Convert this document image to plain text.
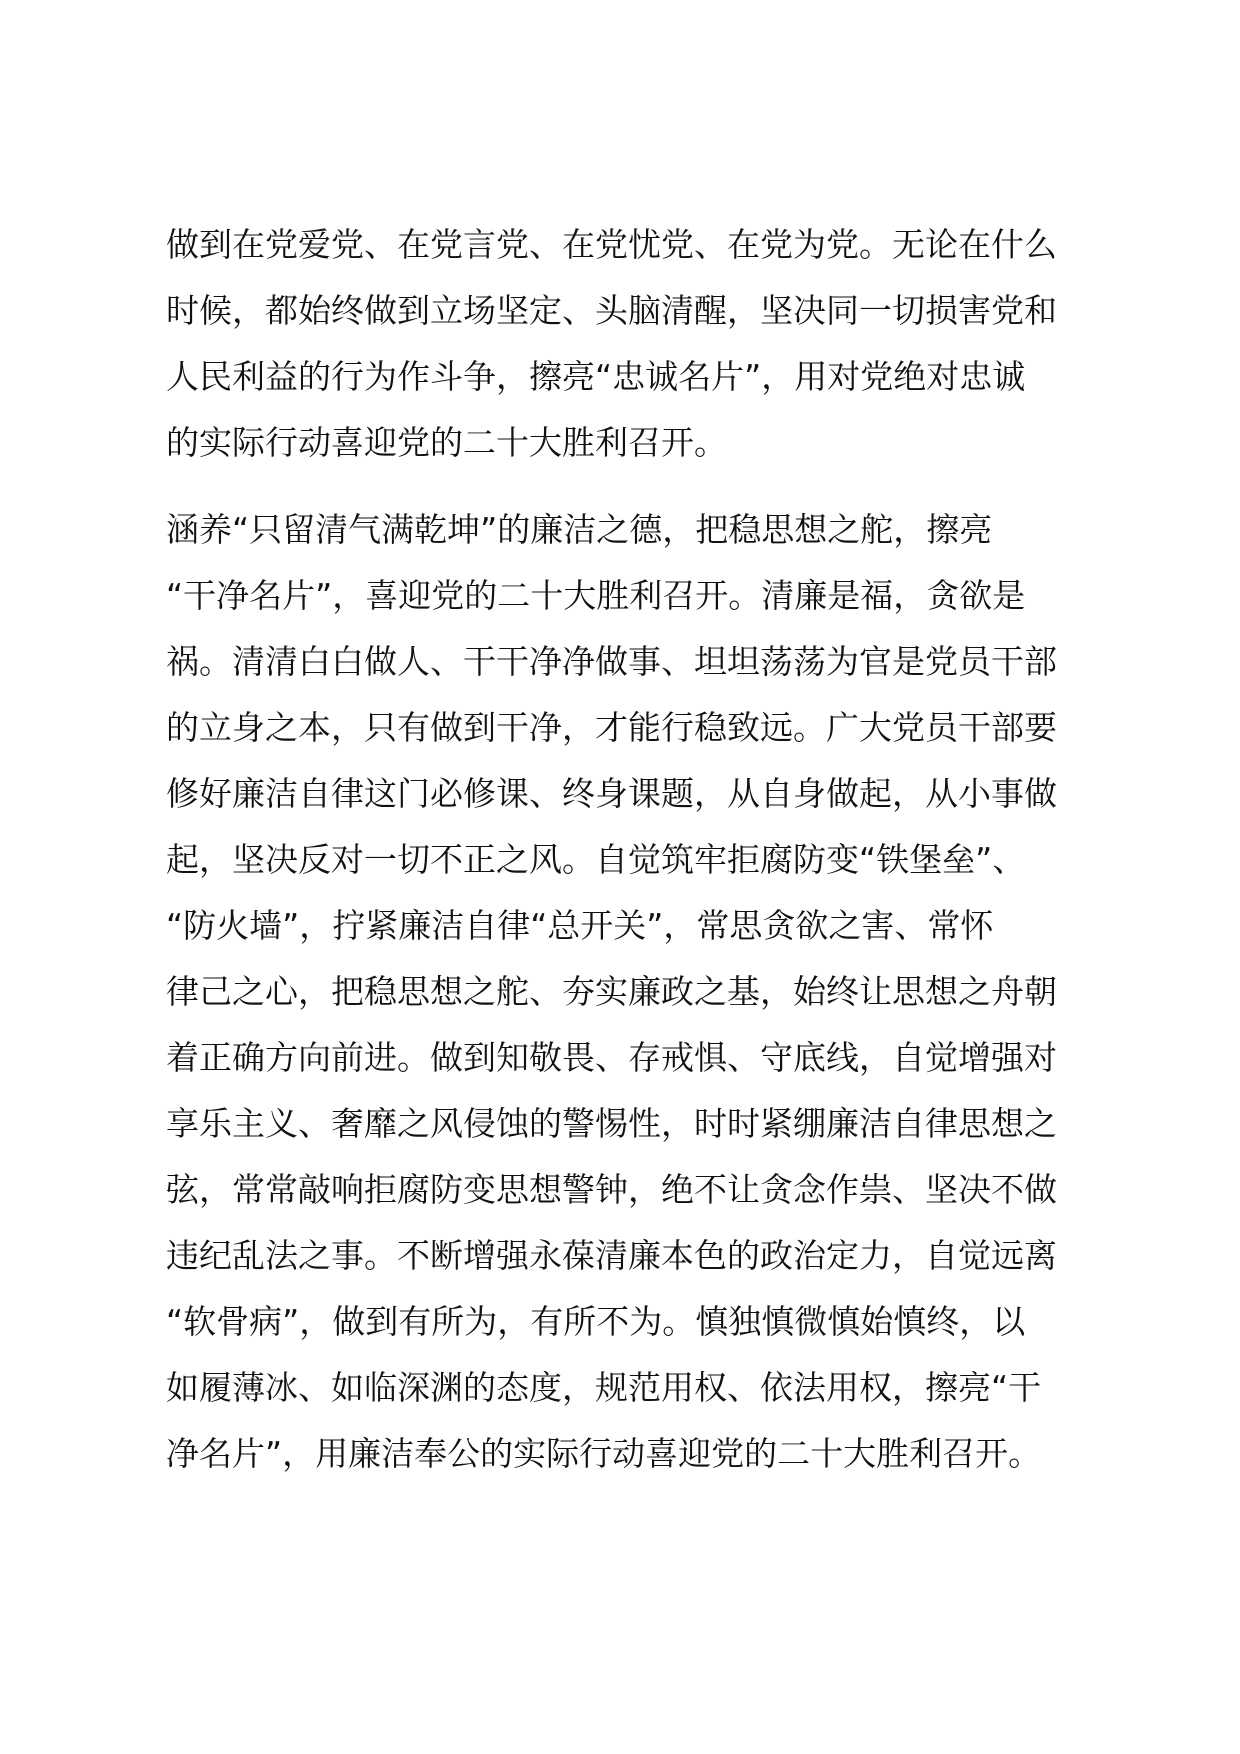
做到在党爱党、在党言党、在党忧党、在党为党。无论在什么
时候，都始终做到立场坚定、头脑清醒，坚决同一切损害党和
人民利益的行为作斗争，擦亮“忠诚名片”，用对党绝对忠诚
的实际行动喜迎党的二十大胜利召开。
涵养“只留清气满乾坤”的廉洁之德，把稳思想之舵，擦亮
“干净名片”，喜迎党的二十大胜利召开。清廉是福，贪欲是
祸。清清白白做人、干干净净做事、坦坦荡荡为官是党员干部
的立身之本，只有做到干净，才能行稳致远。广大党员干部要
修好廉洁自律这门必修课、终身课题，从自身做起，从小事做
起，坚决反对一切不正之风。自觉筑牢拒腐防变“铁堡垒”、
“防火墙”，拧紧廉洁自律“总开关”，常思贪欲之害、常怀
律己之心，把稳思想之舵、夯实廉政之基，始终让思想之舟朝
着正确方向前进。做到知敬畏、存戒惧、守底线，自觉增强对
享乐主义、奢靡之风侵蚀的警惕性，时时紧绷廉洁自律思想之
弦，常常敲响拒腐防变思想警钟，绝不让贪念作祟、坚决不做
违纪乱法之事。不断增强永葆清廉本色的政治定力，自觉远离
“软骨病”，做到有所为，有所不为。慎独慎微慎始慎终，以
如履薄冰、如临深渊的态度，规范用权、依法用权，擦亮“干
净名片”，用廉洁奉公的实际行动喜迎党的二十大胜利召开。
